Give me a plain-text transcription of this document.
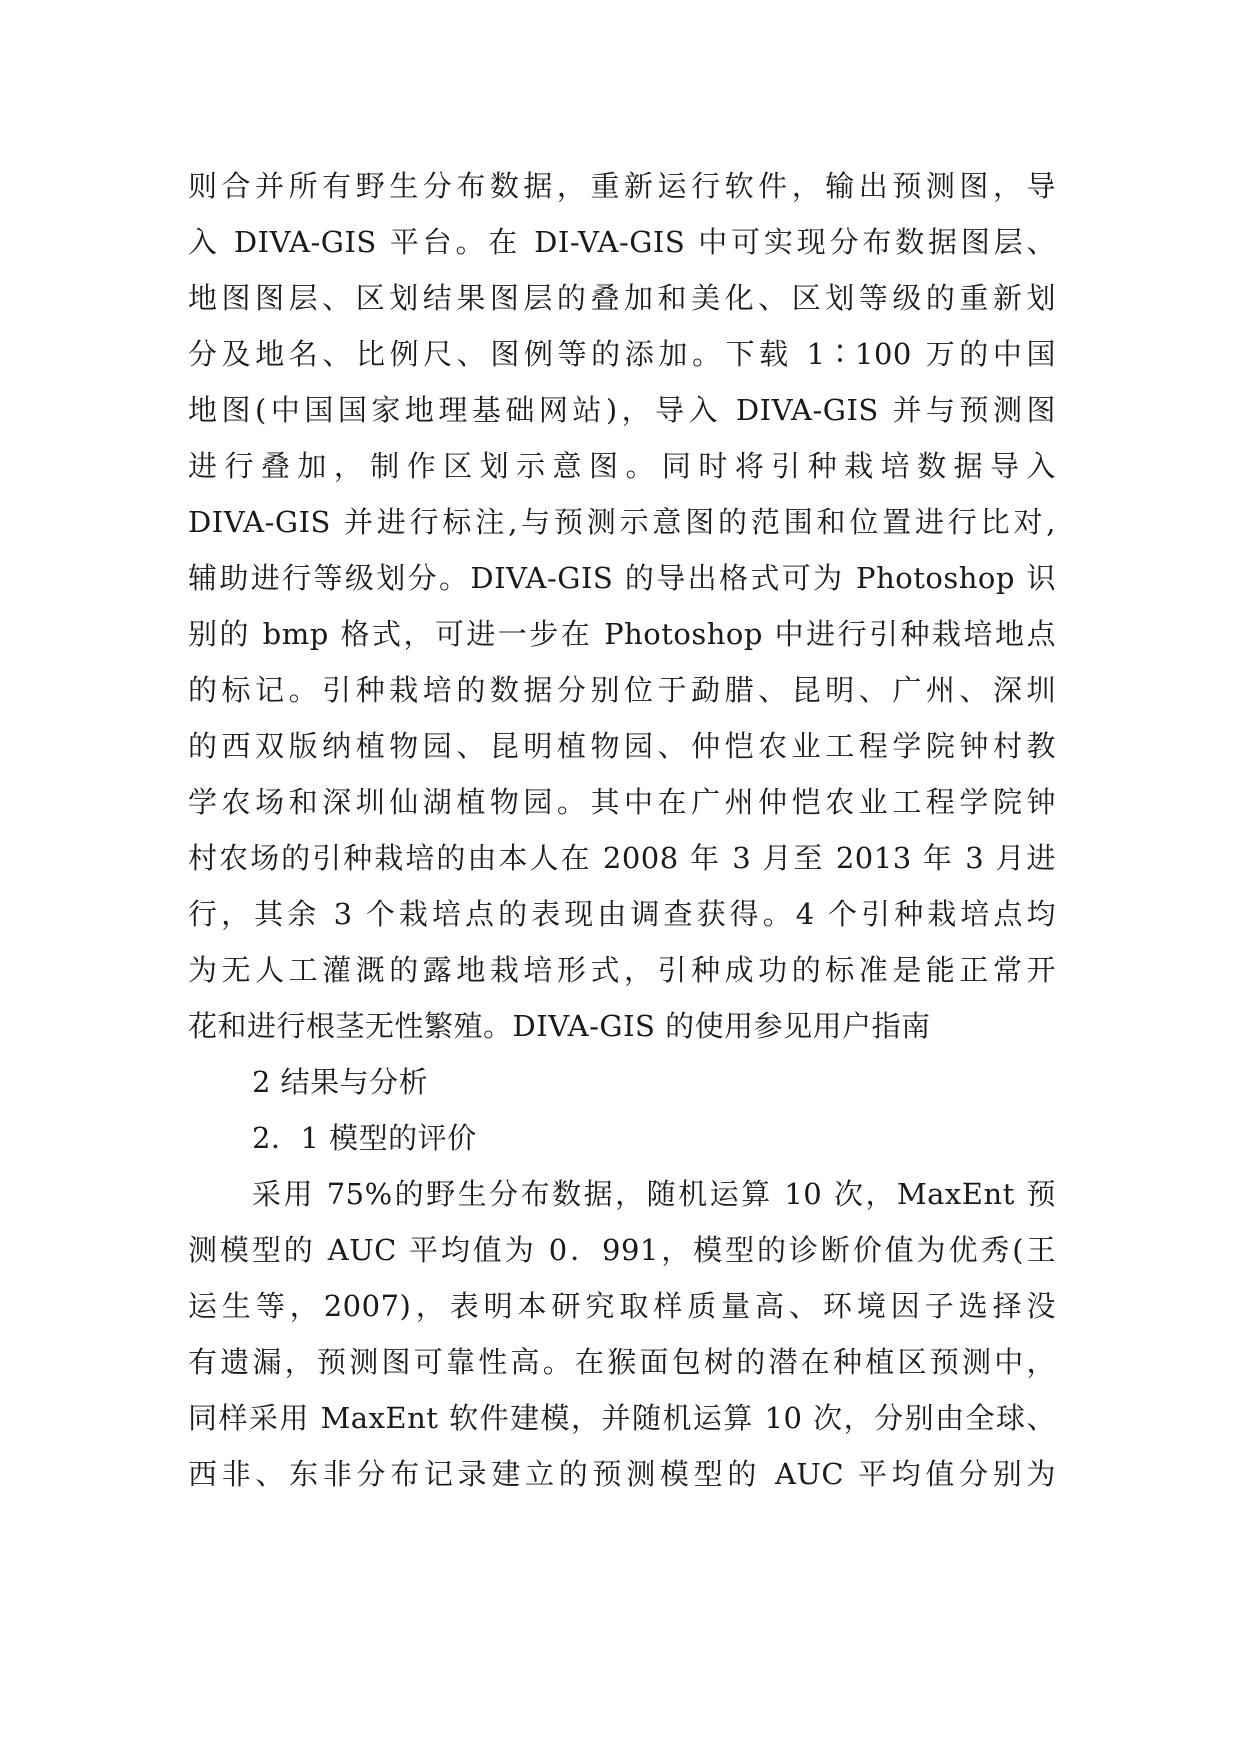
则合并所有野生分布数据，重新运行软件，输出预测图，导
入 DIVA-GIS 平台。在 DI-VA-GIS 中可实现分布数据图层、
地图图层、区划结果图层的叠加和美化、区划等级的重新划
分及地名、比例尺、图例等的添加。下载 1∶100 万的中国
地图(中国国家地理基础网站)，导入 DIVA-GIS 并与预测图
进行叠加，制作区划示意图。同时将引种栽培数据导入
DIVA-GIS 并进行标注,与预测示意图的范围和位置进行比对,
辅助进行等级划分。DIVA-GIS 的导出格式可为 Photoshop 识
别的 bmp 格式，可进一步在 Photoshop 中进行引种栽培地点
的标记。引种栽培的数据分别位于勐腊、昆明、广州、深圳
的西双版纳植物园、昆明植物园、仲恺农业工程学院钟村教
学农场和深圳仙湖植物园。其中在广州仲恺农业工程学院钟
村农场的引种栽培的由本人在 2008 年 3 月至 2013 年 3 月进
行，其余 3 个栽培点的表现由调查获得。4 个引种栽培点均
为无人工灌溉的露地栽培形式，引种成功的标准是能正常开
花和进行根茎无性繁殖。DIVA-GIS 的使用参见用户指南
2 结果与分析
2．1 模型的评价
采用 75%的野生分布数据，随机运算 10 次，MaxEnt 预
测模型的 AUC 平均值为 0．991，模型的诊断价值为优秀(王
运生等，2007)，表明本研究取样质量高、环境因子选择没
有遗漏，预测图可靠性高。在猴面包树的潜在种植区预测中，
同样采用 MaxEnt 软件建模，并随机运算 10 次，分别由全球、
西非、东非分布记录建立的预测模型的 AUC 平均值分别为
